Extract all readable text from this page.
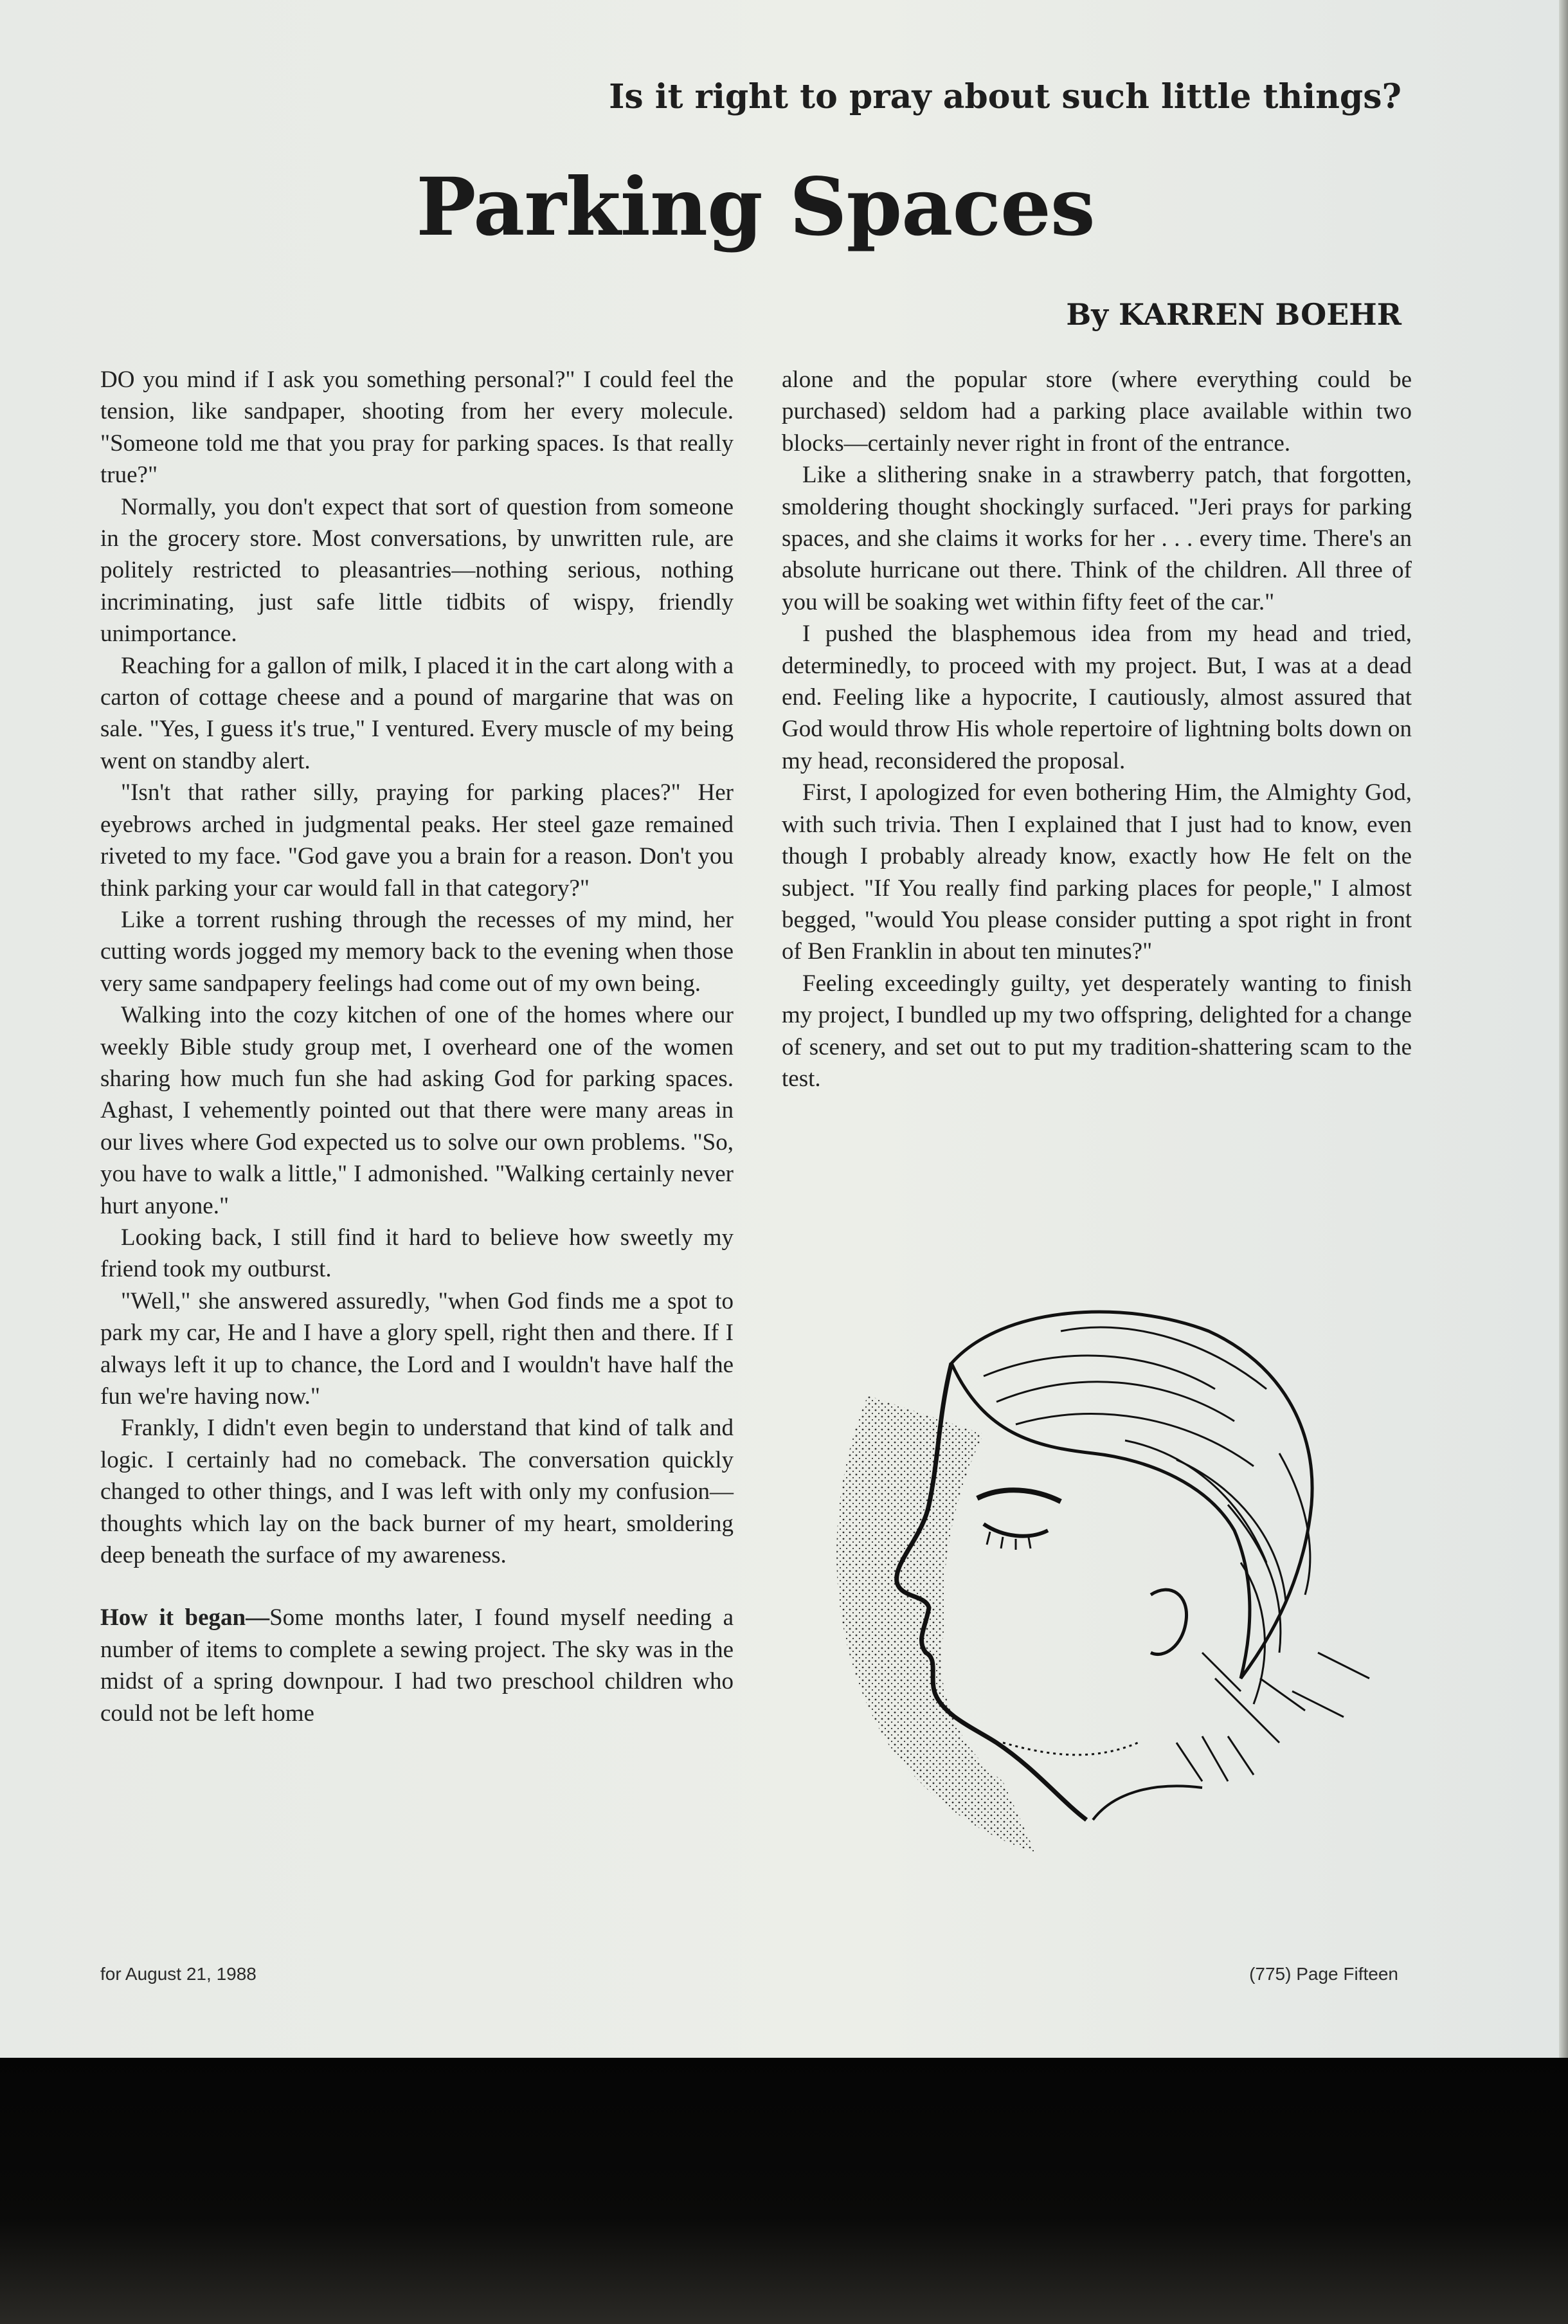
Is it right to pray about such little things?
Parking Spaces
By KARREN BOEHR

DO you mind if I ask you something personal?" I could feel the tension, like sandpaper, shooting from her every molecule. "Someone told me that you pray for parking spaces. Is that really true?"

Normally, you don't expect that sort of question from someone in the grocery store. Most conversations, by unwritten rule, are politely restricted to pleasantries—nothing serious, nothing incriminating, just safe little tidbits of wispy, friendly unimportance.

Reaching for a gallon of milk, I placed it in the cart along with a carton of cottage cheese and a pound of margarine that was on sale. "Yes, I guess it's true," I ventured. Every muscle of my being went on standby alert.

"Isn't that rather silly, praying for parking places?" Her eyebrows arched in judgmental peaks. Her steel gaze remained riveted to my face. "God gave you a brain for a reason. Don't you think parking your car would fall in that category?"

Like a torrent rushing through the recesses of my mind, her cutting words jogged my memory back to the evening when those very same sandpapery feelings had come out of my own being.

Walking into the cozy kitchen of one of the homes where our weekly Bible study group met, I overheard one of the women sharing how much fun she had asking God for parking spaces. Aghast, I vehemently pointed out that there were many areas in our lives where God expected us to solve our own problems. "So, you have to walk a little," I admonished. "Walking certainly never hurt anyone."

Looking back, I still find it hard to believe how sweetly my friend took my outburst.

"Well," she answered assuredly, "when God finds me a spot to park my car, He and I have a glory spell, right then and there. If I always left it up to chance, the Lord and I wouldn't have half the fun we're having now."

Frankly, I didn't even begin to understand that kind of talk and logic. I certainly had no comeback. The conversation quickly changed to other things, and I was left with only my confusion—thoughts which lay on the back burner of my heart, smoldering deep beneath the surface of my awareness.

How it began—Some months later, I found myself needing a number of items to complete a sewing project. The sky was in the midst of a spring downpour. I had two preschool children who could not be left home

alone and the popular store (where everything could be purchased) seldom had a parking place available within two blocks—certainly never right in front of the entrance.

Like a slithering snake in a strawberry patch, that forgotten, smoldering thought shockingly surfaced. "Jeri prays for parking spaces, and she claims it works for her . . . every time. There's an absolute hurricane out there. Think of the children. All three of you will be soaking wet within fifty feet of the car."

I pushed the blasphemous idea from my head and tried, determinedly, to proceed with my project. But, I was at a dead end. Feeling like a hypocrite, I cautiously, almost assured that God would throw His whole repertoire of lightning bolts down on my head, reconsidered the proposal.

First, I apologized for even bothering Him, the Almighty God, with such trivia. Then I explained that I just had to know, even though I probably already know, exactly how He felt on the subject. "If You really find parking places for people," I almost begged, "would You please consider putting a spot right in front of Ben Franklin in about ten minutes?"

Feeling exceedingly guilty, yet desperately wanting to finish my project, I bundled up my two offspring, delighted for a change of scenery, and set out to put my tradition-shattering scam to the test.

for August 21, 1988	(775) Page Fifteen
